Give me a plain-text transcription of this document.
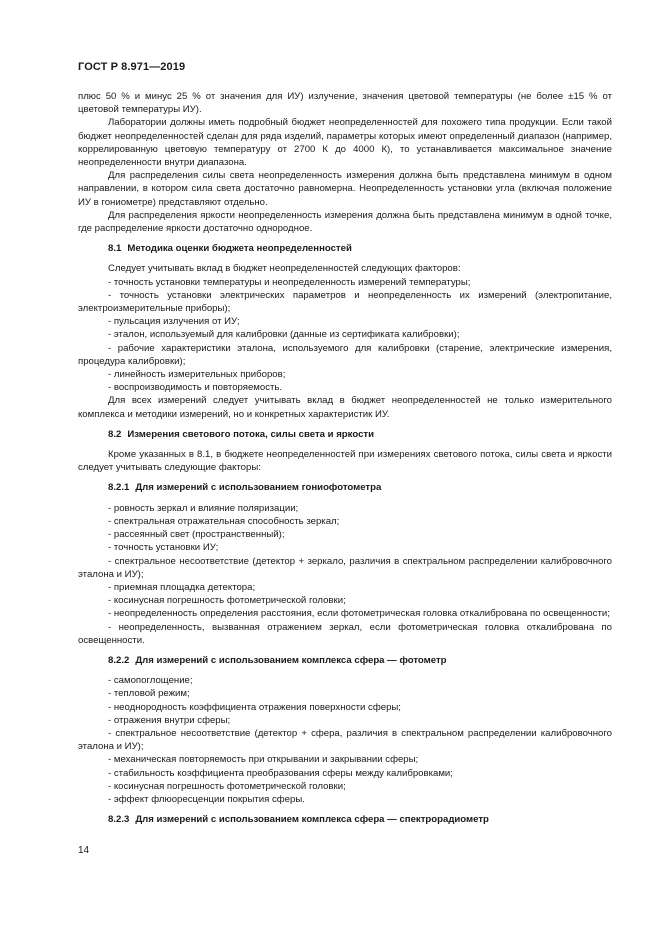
ГОСТ Р 8.971—2019

плюс 50 % и минус 25 % от значения для ИУ) излучение, значения цветовой температуры (не более ±15 % от цветовой температуры ИУ).

Лаборатории должны иметь подробный бюджет неопределенностей для похожего типа продукции. Если такой бюджет неопределенностей сделан для ряда изделий, параметры которых имеют определенный диапазон (например, коррелированную цветовую температуру от 2700 К до 4000 К), то устанавливается максимальное значение неопределенности внутри диапазона.

Для распределения силы света неопределенность измерения должна быть представлена минимум в одном направлении, в котором сила света достаточно равномерна. Неопределенность установки угла (включая положение ИУ в гониометре) представляют отдельно.

Для распределения яркости неопределенность измерения должна быть представлена минимум в одной точке, где распределение яркости достаточно однородное.

8.1 Методика оценки бюджета неопределенностей

Следует учитывать вклад в бюджет неопределенностей следующих факторов:

- точность установки температуры и неопределенность измерений температуры;

- точность установки электрических параметров и неопределенность их измерений (электропитание, электроизмерительные приборы);

- пульсация излучения от ИУ;

- эталон, используемый для калибровки (данные из сертификата калибровки);

- рабочие характеристики эталона, используемого для калибровки (старение, электрические измерения, процедура калибровки);

- линейность измерительных приборов;

- воспроизводимость и повторяемость.

Для всех измерений следует учитывать вклад в бюджет неопределенностей не только измерительного комплекса и методики измерений, но и конкретных характеристик ИУ.

8.2 Измерения светового потока, силы света и яркости

Кроме указанных в 8.1, в бюджете неопределенностей при измерениях светового потока, силы света и яркости следует учитывать следующие факторы:

8.2.1 Для измерений с использованием гониофотометра

- ровность зеркал и влияние поляризации;

- спектральная отражательная способность зеркал;

- рассеянный свет (пространственный);

- точность установки ИУ;

- спектральное несоответствие (детектор + зеркало, различия в спектральном распределении калибровочного эталона и ИУ);

- приемная площадка детектора;

- косинусная погрешность фотометрической головки;

- неопределенность определения расстояния, если фотометрическая головка откалибрована по освещенности;

- неопределенность, вызванная отражением зеркал, если фотометрическая головка откалиброванa по освещенности.

8.2.2 Для измерений с использованием комплекса сфера — фотометр

- самопоглощение;

- тепловой режим;

- неоднородность коэффициента отражения поверхности сферы;

- отражения внутри сферы;

- спектральное несоответствие (детектор + сфера, различия в спектральном распределении калибровочного эталона и ИУ);

- механическая повторяемость при открывании и закрывании сферы;

- стабильность коэффициента преобразования сферы между калибровками;

- косинусная погрешность фотометрической головки;

- эффект флюоресценции покрытия сферы.

8.2.3 Для измерений с использованием комплекса сфера — спектрорадиометр

14
